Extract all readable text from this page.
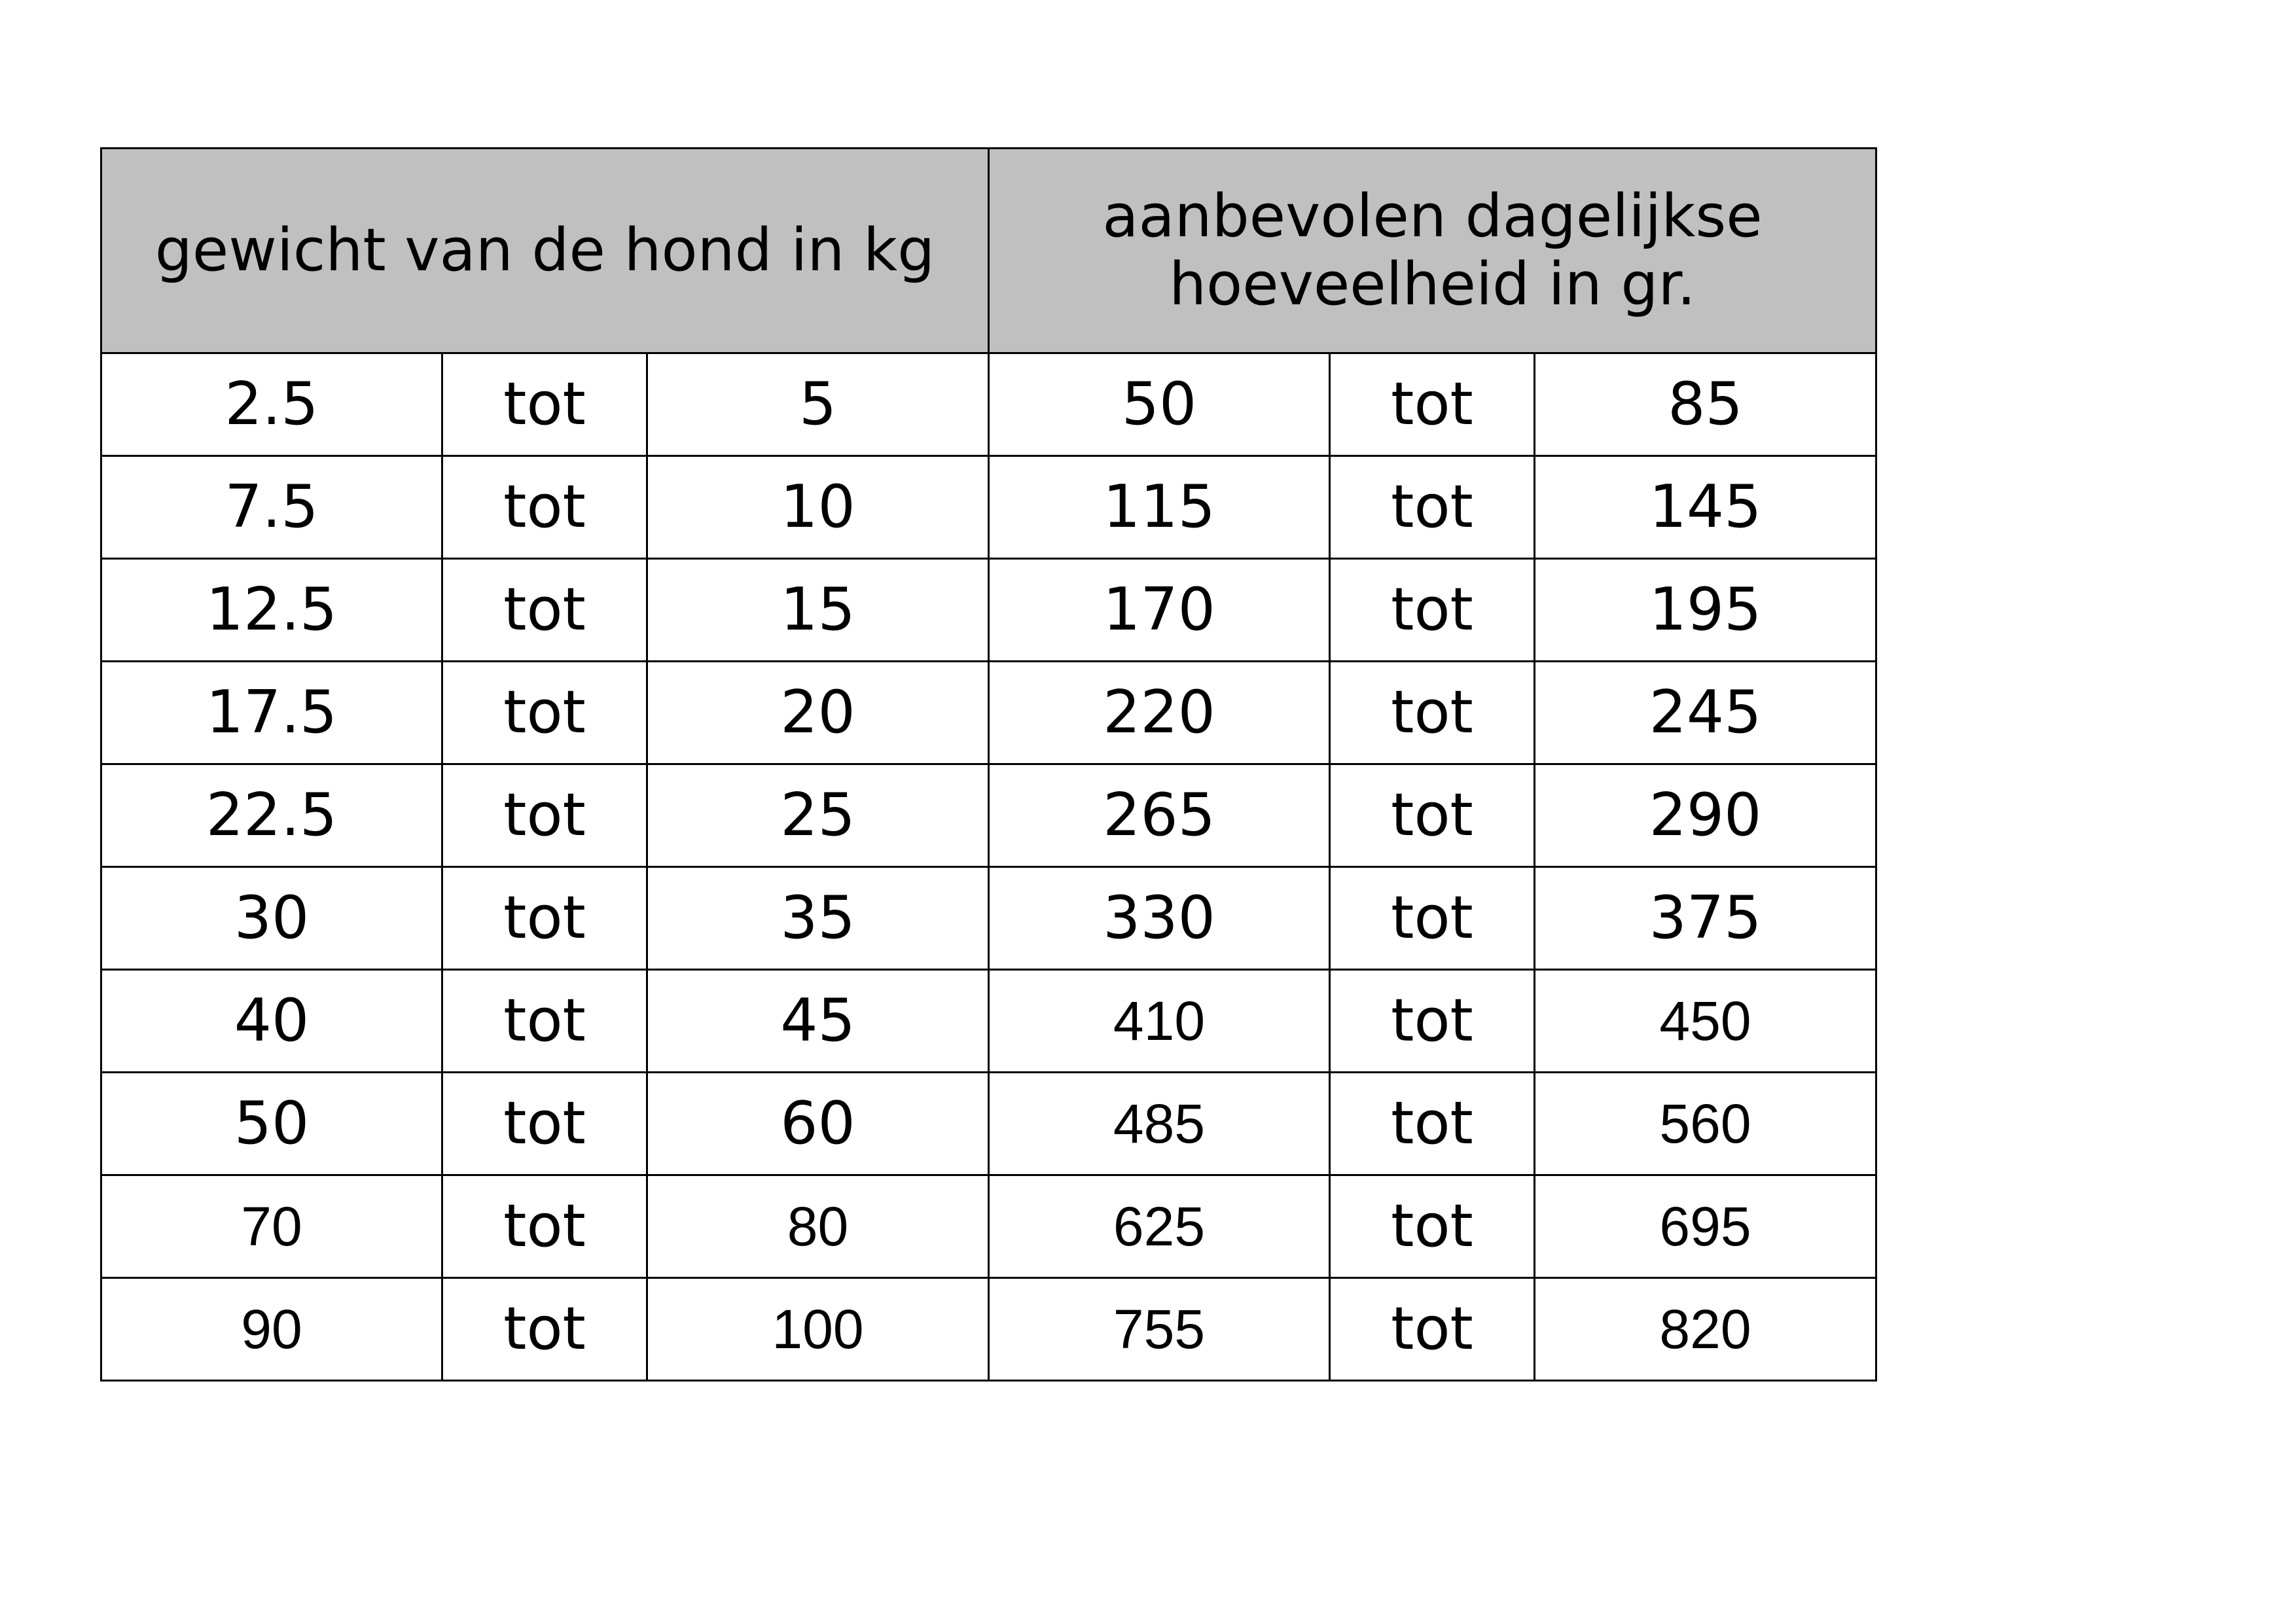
gewicht van de hond in kg			aanbevolen dagelijkse
hoeveelheid in gr.		

2.5	tot	5	50	tot	85
7.5	tot	10	115	tot	145
12.5	tot	15	170	tot	195
17.5	tot	20	220	tot	245
22.5	tot	25	265	tot	290
30	tot	35	330	tot	375
40	tot	45	410	tot	450
50	tot	60	485	tot	560
70	tot	80	625	tot	695
90	tot	100	755	tot	820
